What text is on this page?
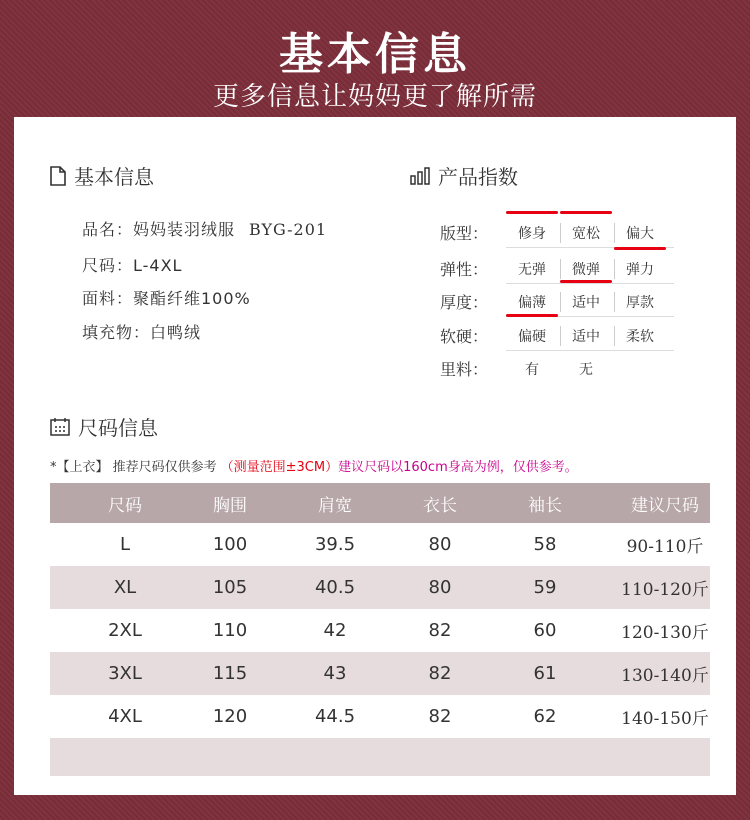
基本信息
更多信息让妈妈更了解所需
基本信息
品名：妈妈装羽绒服 BYG-201
尺码：L-4XL
面料：聚酯纤维100%
填充物：白鸭绒
产品指数
版型：	修身	宽松	偏大
弹性：	无弹	微弹	弹力
厚度：	偏薄	适中	厚款
软硬：	偏硬	适中	柔软
里料：	有	无
尺码信息
*【上衣】 推荐尺码仅供参考 （测量范围±3CM）建议尺码以160cm身高为例，仅供参考。
尺码	胸围	肩宽	衣长	袖长	建议尺码
L	100	39.5	80	58	90-110斤
XL	105	40.5	80	59	110-120斤
2XL	110	42	82	60	120-130斤
3XL	115	43	82	61	130-140斤
4XL	120	44.5	82	62	140-150斤
